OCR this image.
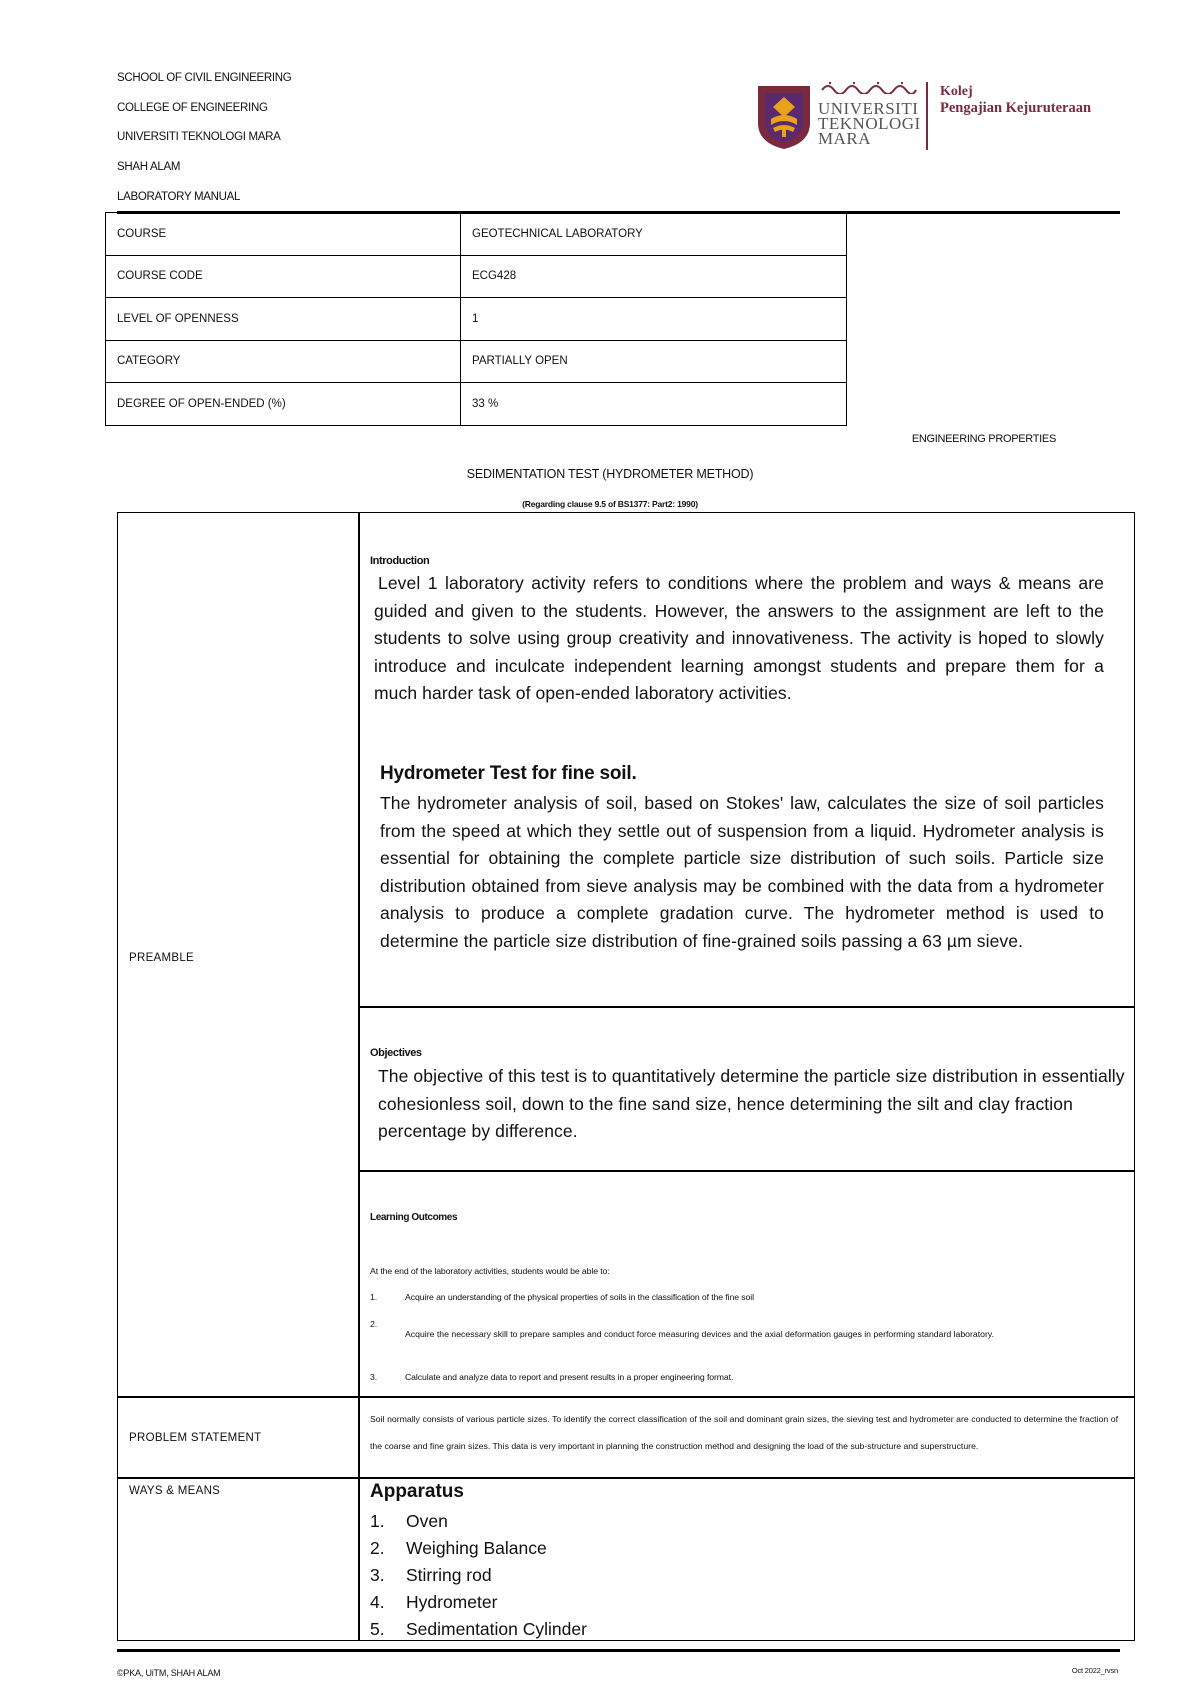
SCHOOL OF CIVIL ENGINEERING
COLLEGE OF ENGINEERING
UNIVERSITI TEKNOLOGI MARA
SHAH ALAM
LABORATORY MANUAL
UNIVERSITI
TEKNOLOGI
MARA
Kolej
Pengajian Kejuruteraan
COURSE	GEOTECHNICAL LABORATORY
COURSE CODE	ECG428
LEVEL OF OPENNESS	1
CATEGORY	PARTIALLY OPEN
DEGREE OF OPEN-ENDED (%)	33 %
ENGINEERING PROPERTIES
SEDIMENTATION TEST (HYDROMETER METHOD)
(Regarding clause 9.5 of BS1377: Part2: 1990)
PREAMBLE
Introduction
Level 1 laboratory activity refers to conditions where the problem and ways & means are guided and given to the students. However, the answers to the assignment are left to the students to solve using group creativity and innovativeness. The activity is hoped to slowly introduce and inculcate independent learning amongst students and prepare them for a much harder task of open-ended laboratory activities.
Hydrometer Test for fine soil.
The hydrometer analysis of soil, based on Stokes' law, calculates the size of soil particles from the speed at which they settle out of suspension from a liquid. Hydrometer analysis is essential for obtaining the complete particle size distribution of such soils. Particle size distribution obtained from sieve analysis may be combined with the data from a hydrometer analysis to produce a complete gradation curve. The hydrometer method is used to determine the particle size distribution of fine-grained soils passing a 63 µm sieve.
Objectives
The objective of this test is to quantitatively determine the particle size distribution in essentially cohesionless soil, down to the fine sand size, hence determining the silt and clay fraction percentage by difference.
Learning Outcomes
At the end of the laboratory activities, students would be able to:
1.	Acquire an understanding of the physical properties of soils in the classification of the fine soil
2.
Acquire the necessary skill to prepare samples and conduct force measuring devices and the axial deformation gauges in performing standard laboratory.
3.	Calculate and analyze data to report and present results in a proper engineering format.
PROBLEM STATEMENT
Soil normally consists of various particle sizes. To identify the correct classification of the soil and dominant grain sizes, the sieving test and hydrometer are conducted to determine the fraction of the coarse and fine grain sizes. This data is very important in planning the construction method and designing the load of the sub-structure and superstructure.
WAYS & MEANS	Apparatus
1. Oven
2. Weighing Balance
3. Stirring rod
4. Hydrometer
5. Sedimentation Cylinder
©PKA, UiTM, SHAH ALAM	Oct 2022_rvsn
